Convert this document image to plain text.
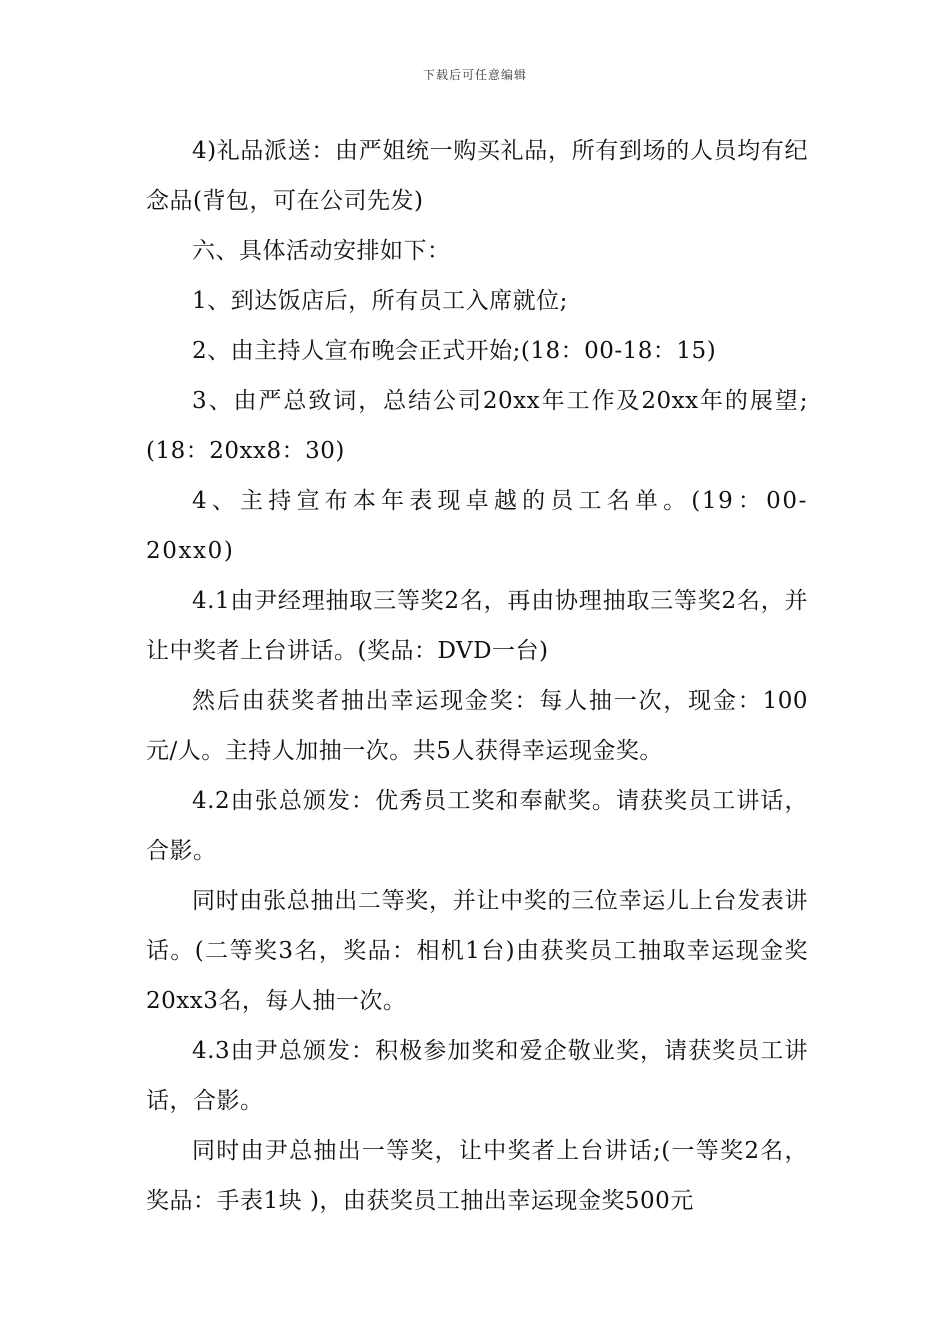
下载后可任意编辑

4)礼品派送：由严姐统一购买礼品，所有到场的人员均有纪念品(背包，可在公司先发)

六、具体活动安排如下：

1、到达饭店后，所有员工入席就位;

2、由主持人宣布晚会正式开始;(18：00-18：15)

3、由严总致词，总结公司20xx年工作及20xx年的展望;(18：20xx8：30)

4、主持宣布本年表现卓越的员工名单。(19：00-20xx0)

4.1由尹经理抽取三等奖2名，再由协理抽取三等奖2名，并让中奖者上台讲话。(奖品：DVD一台)

然后由获奖者抽出幸运现金奖：每人抽一次，现金：100元/人。主持人加抽一次。共5人获得幸运现金奖。

4.2由张总颁发：优秀员工奖和奉献奖。请获奖员工讲话，合影。

同时由张总抽出二等奖，并让中奖的三位幸运儿上台发表讲话。(二等奖3名，奖品：相机1台)由获奖员工抽取幸运现金奖20xx3名，每人抽一次。

4.3由尹总颁发：积极参加奖和爱企敬业奖，请获奖员工讲话，合影。

同时由尹总抽出一等奖，让中奖者上台讲话;(一等奖2名，奖品：手表1块 )，由获奖员工抽出幸运现金奖500元
